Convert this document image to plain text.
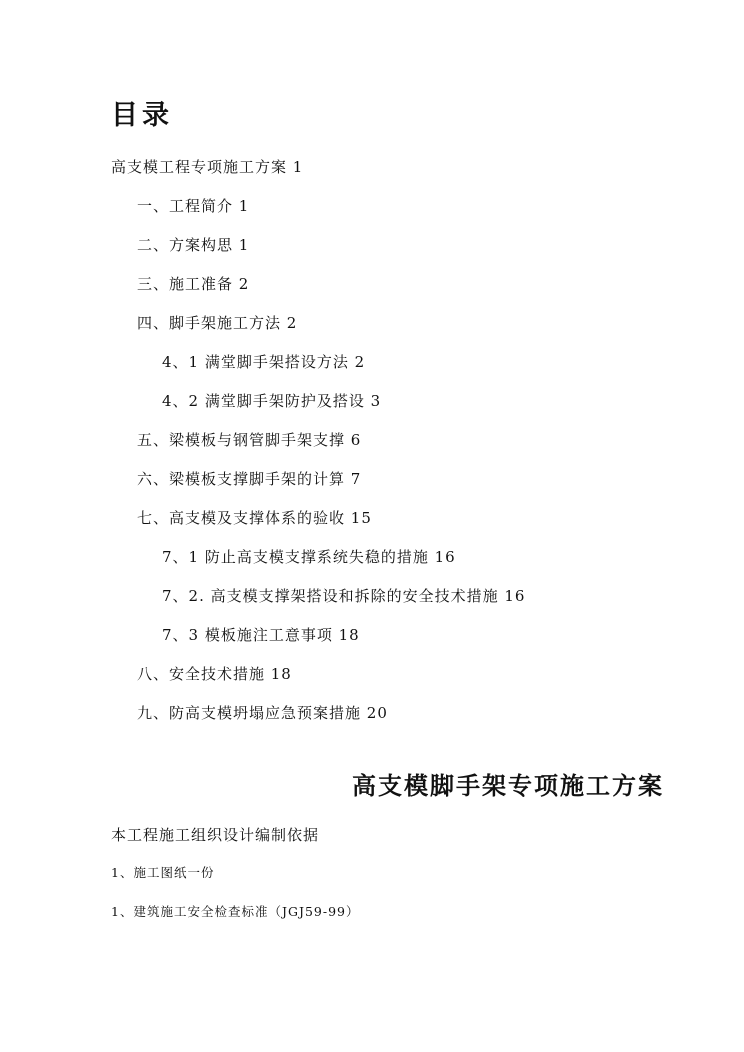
目录
高支模工程专项施工方案 1
一、工程简介 1
二、方案构思 1
三、施工准备 2
四、脚手架施工方法 2
4、1 满堂脚手架搭设方法 2
4、2 满堂脚手架防护及搭设 3
五、梁模板与钢管脚手架支撑 6
六、梁模板支撑脚手架的计算 7
七、高支模及支撑体系的验收 15
7、1 防止高支模支撑系统失稳的措施 16
7、2. 高支模支撑架搭设和拆除的安全技术措施 16
7、3 模板施注工意事项 18
八、安全技术措施 18
九、防高支模坍塌应急预案措施 20
高支模脚手架专项施工方案

本工程施工组织设计编制依据

1、施工图纸一份

1、建筑施工安全检查标准（JGJ59-99）
